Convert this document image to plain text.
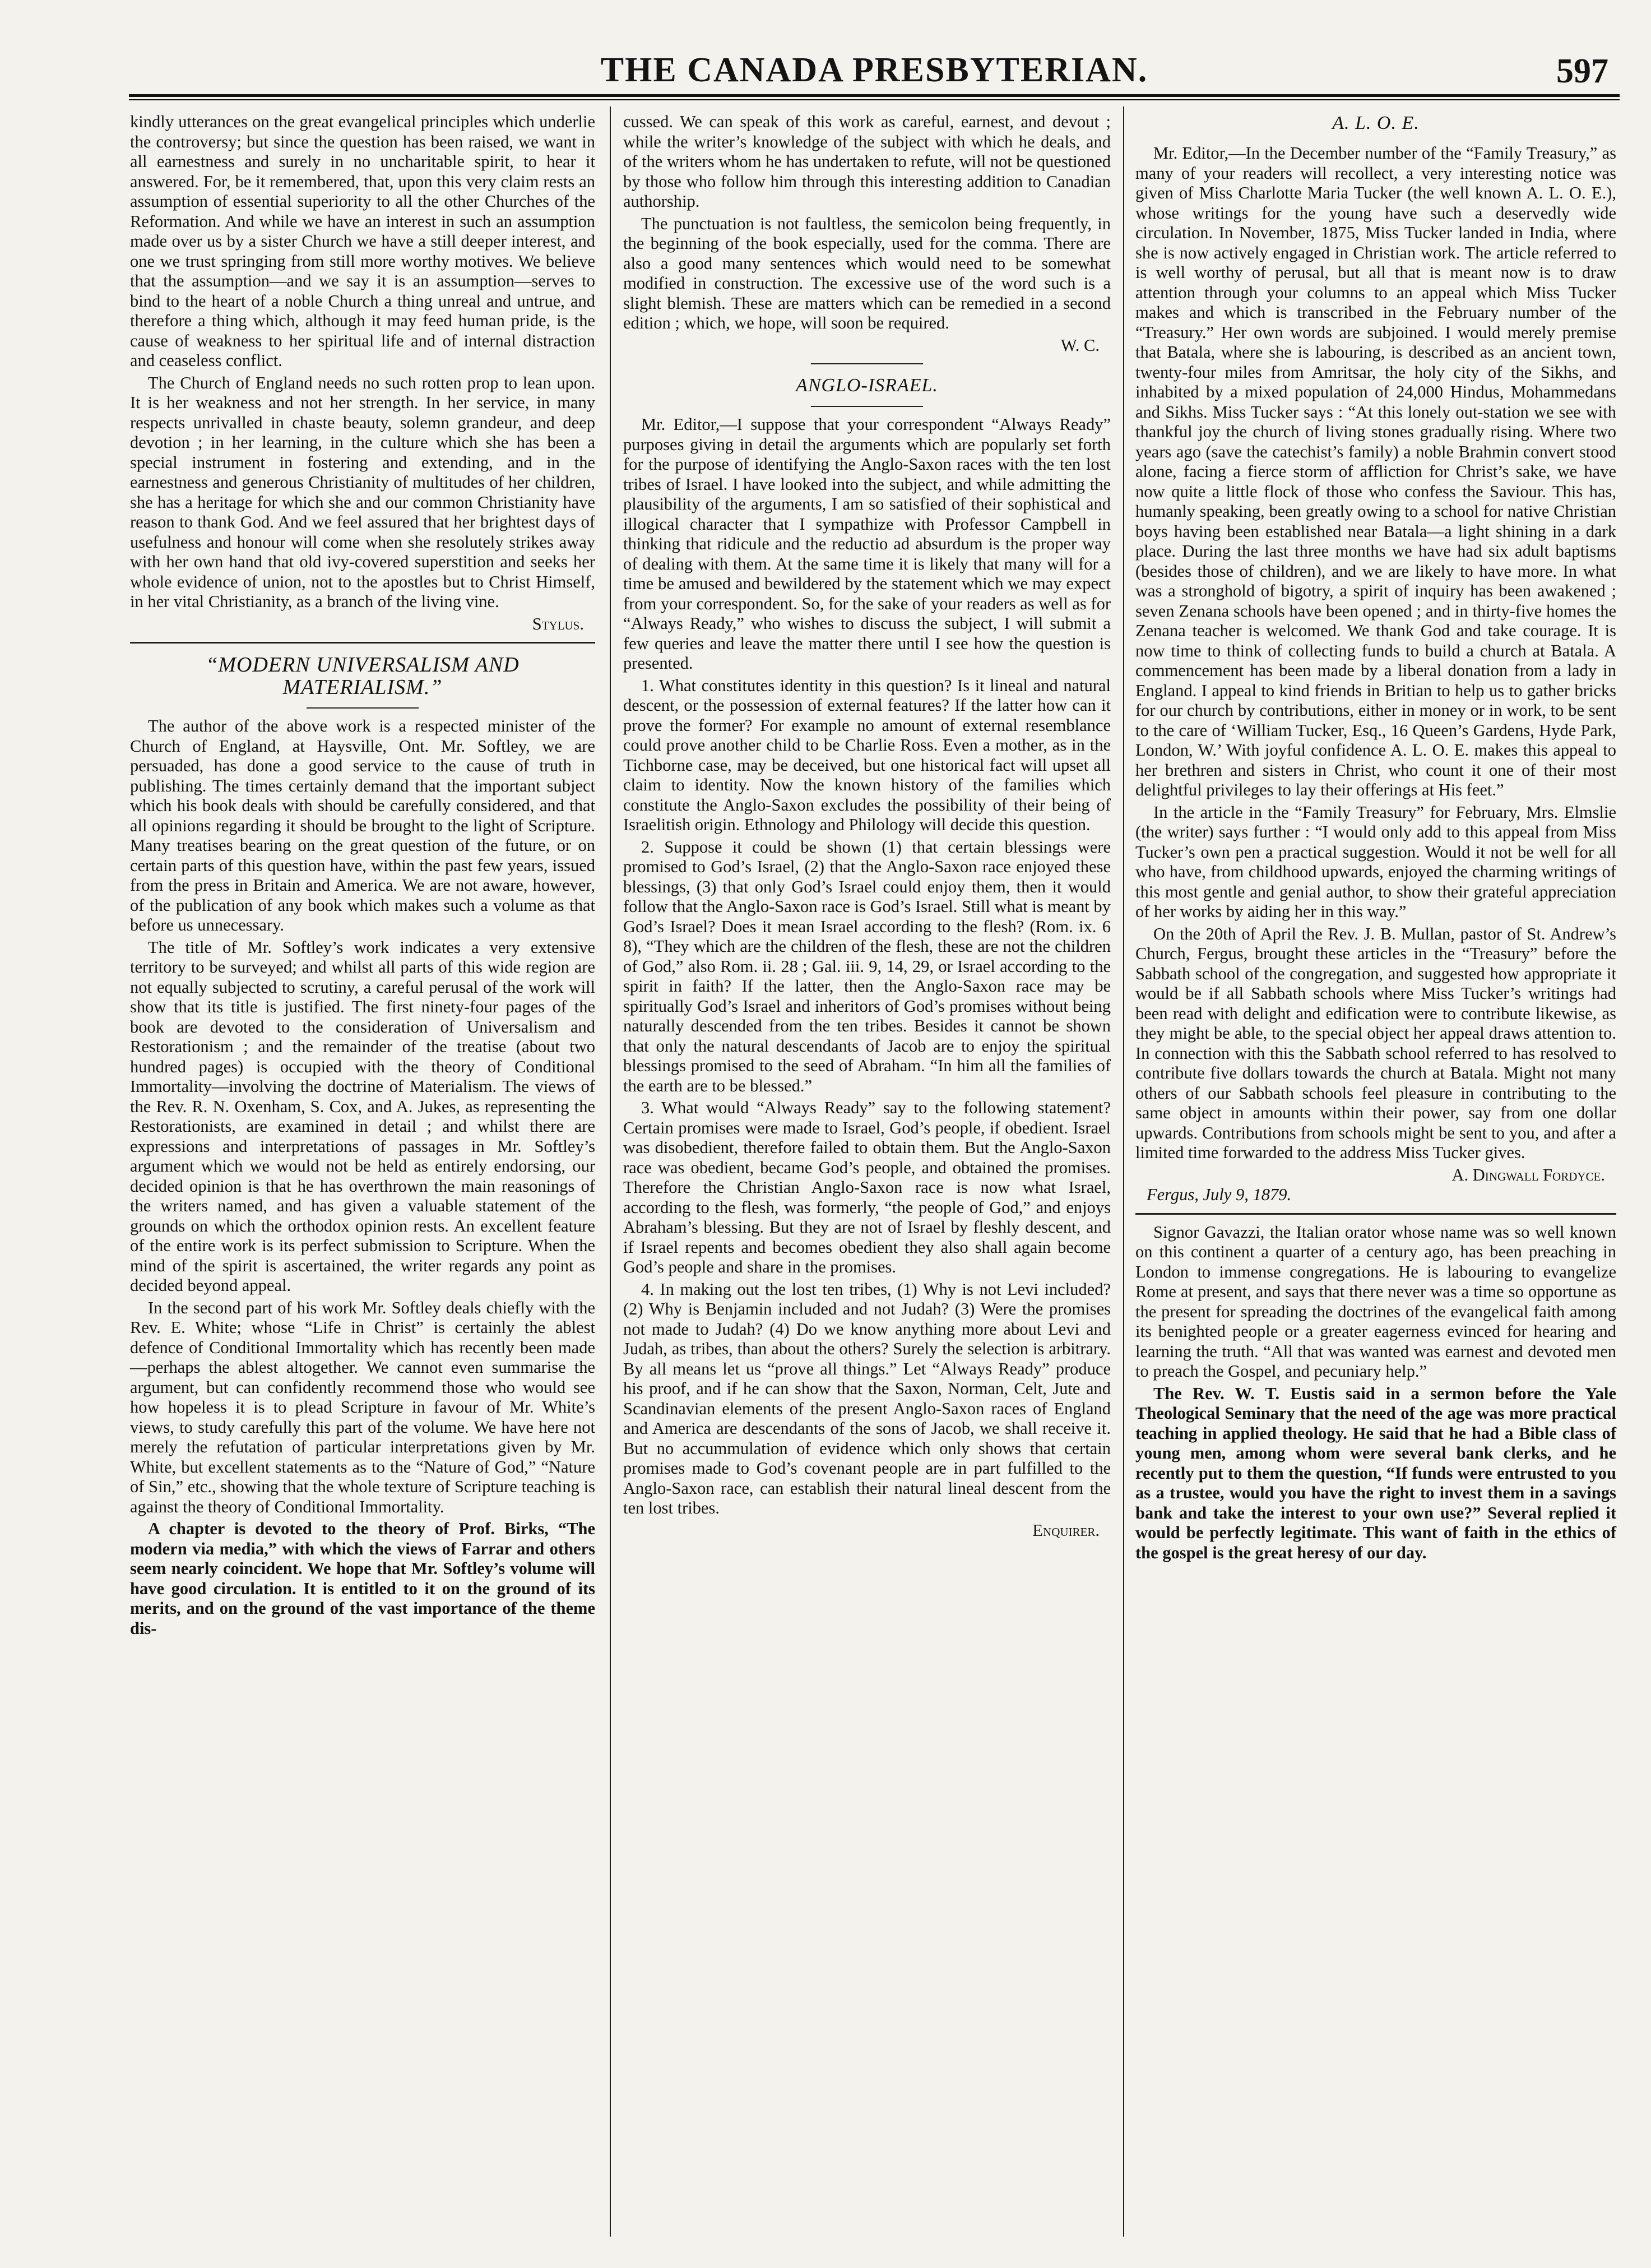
THE CANADA PRESBYTERIAN.	597

kindly utterances on the great evangelical principles which underlie the controversy; but since the question has been raised, we want in all earnestness and surely in no uncharitable spirit, to hear it answered. For, be it remembered, that, upon this very claim rests an assumption of essential superiority to all the other Churches of the Reformation. And while we have an interest in such an assumption made over us by a sister Church we have a still deeper interest, and one we trust springing from still more worthy motives. We believe that the assumption—and we say it is an assumption—serves to bind to the heart of a noble Church a thing unreal and untrue, and therefore a thing which, although it may feed human pride, is the cause of weakness to her spiritual life and of internal distraction and ceaseless conflict.

The Church of England needs no such rotten prop to lean upon. It is her weakness and not her strength. In her service, in many respects unrivalled in chaste beauty, solemn grandeur, and deep devotion ; in her learning, in the culture which she has been a special instrument in fostering and extending, and in the earnestness and generous Christianity of multitudes of her children, she has a heritage for which she and our common Christianity have reason to thank God. And we feel assured that her brightest days of usefulness and honour will come when she resolutely strikes away with her own hand that old ivy-covered superstition and seeks her whole evidence of union, not to the apostles but to Christ Himself, in her vital Christianity, as a branch of the living vine.

Stylus.
“MODERN UNIVERSALISM AND MATERIALISM.”

The author of the above work is a respected minister of the Church of England, at Haysville, Ont. Mr. Softley, we are persuaded, has done a good service to the cause of truth in publishing. The times certainly demand that the important subject which his book deals with should be carefully considered, and that all opinions regarding it should be brought to the light of Scripture. Many treatises bearing on the great question of the future, or on certain parts of this question have, within the past few years, issued from the press in Britain and America. We are not aware, however, of the publication of any book which makes such a volume as that before us unnecessary.

The title of Mr. Softley’s work indicates a very extensive territory to be surveyed; and whilst all parts of this wide region are not equally subjected to scrutiny, a careful perusal of the work will show that its title is justified. The first ninety-four pages of the book are devoted to the consideration of Universalism and Restorationism ; and the remainder of the treatise (about two hundred pages) is occupied with the theory of Conditional Immortality—involving the doctrine of Materialism. The views of the Rev. R. N. Oxenham, S. Cox, and A. Jukes, as representing the Restorationists, are examined in detail ; and whilst there are expressions and interpretations of passages in Mr. Softley’s argument which we would not be held as entirely endorsing, our decided opinion is that he has overthrown the main reasonings of the writers named, and has given a valuable statement of the grounds on which the orthodox opinion rests. An excellent feature of the entire work is its perfect submission to Scripture. When the mind of the spirit is ascertained, the writer regards any point as decided beyond appeal.

In the second part of his work Mr. Softley deals chiefly with the Rev. E. White; whose “Life in Christ” is certainly the ablest defence of Conditional Immortality which has recently been made—perhaps the ablest altogether. We cannot even summarise the argument, but can confidently recommend those who would see how hopeless it is to plead Scripture in favour of Mr. White’s views, to study carefully this part of the volume. We have here not merely the refutation of particular interpretations given by Mr. White, but excellent statements as to the “Nature of God,” “Nature of Sin,” etc., showing that the whole texture of Scripture teaching is against the theory of Conditional Immortality.

A chapter is devoted to the theory of Prof. Birks, “The modern via media,” with which the views of Farrar and others seem nearly coincident. We hope that Mr. Softley’s volume will have good circulation. It is entitled to it on the ground of its merits, and on the ground of the vast importance of the theme dis-

cussed. We can speak of this work as careful, earnest, and devout ; while the writer’s knowledge of the subject with which he deals, and of the writers whom he has undertaken to refute, will not be questioned by those who follow him through this interesting addition to Canadian authorship.

The punctuation is not faultless, the semicolon being frequently, in the beginning of the book especially, used for the comma. There are also a good many sentences which would need to be somewhat modified in construction. The excessive use of the word such is a slight blemish. These are matters which can be remedied in a second edition ; which, we hope, will soon be required.

W. C.
ANGLO-ISRAEL.

Mr. Editor,—I suppose that your correspondent “Always Ready” purposes giving in detail the arguments which are popularly set forth for the purpose of identifying the Anglo-Saxon races with the ten lost tribes of Israel. I have looked into the subject, and while admitting the plausibility of the arguments, I am so satisfied of their sophistical and illogical character that I sympathize with Professor Campbell in thinking that ridicule and the reductio ad absurdum is the proper way of dealing with them. At the same time it is likely that many will for a time be amused and bewildered by the statement which we may expect from your correspondent. So, for the sake of your readers as well as for “Always Ready,” who wishes to discuss the subject, I will submit a few queries and leave the matter there until I see how the question is presented.

1. What constitutes identity in this question? Is it lineal and natural descent, or the possession of external features? If the latter how can it prove the former? For example no amount of external resemblance could prove another child to be Charlie Ross. Even a mother, as in the Tichborne case, may be deceived, but one historical fact will upset all claim to identity. Now the known history of the families which constitute the Anglo-Saxon excludes the possibility of their being of Israelitish origin. Ethnology and Philology will decide this question.

2. Suppose it could be shown (1) that certain blessings were promised to God’s Israel, (2) that the Anglo-Saxon race enjoyed these blessings, (3) that only God’s Israel could enjoy them, then it would follow that the Anglo-Saxon race is God’s Israel. Still what is meant by God’s Israel? Does it mean Israel according to the flesh? (Rom. ix. 6 8), “They which are the children of the flesh, these are not the children of God,” also Rom. ii. 28 ; Gal. iii. 9, 14, 29, or Israel according to the spirit in faith? If the latter, then the Anglo-Saxon race may be spiritually God’s Israel and inheritors of God’s promises without being naturally descended from the ten tribes. Besides it cannot be shown that only the natural descendants of Jacob are to enjoy the spiritual blessings promised to the seed of Abraham. “In him all the families of the earth are to be blessed.”

3. What would “Always Ready” say to the following statement? Certain promises were made to Israel, God’s people, if obedient. Israel was disobedient, therefore failed to obtain them. But the Anglo-Saxon race was obedient, became God’s people, and obtained the promises. Therefore the Christian Anglo-Saxon race is now what Israel, according to the flesh, was formerly, “the people of God,” and enjoys Abraham’s blessing. But they are not of Israel by fleshly descent, and if Israel repents and becomes obedient they also shall again become God’s people and share in the promises.

4. In making out the lost ten tribes, (1) Why is not Levi included? (2) Why is Benjamin included and not Judah? (3) Were the promises not made to Judah? (4) Do we know anything more about Levi and Judah, as tribes, than about the others? Surely the selection is arbitrary. By all means let us “prove all things.” Let “Always Ready” produce his proof, and if he can show that the Saxon, Norman, Celt, Jute and Scandinavian elements of the present Anglo-Saxon races of England and America are descendants of the sons of Jacob, we shall receive it. But no accummulation of evidence which only shows that certain promises made to God’s covenant people are in part fulfilled to the Anglo-Saxon race, can establish their natural lineal descent from the ten lost tribes.

Enquirer.
A. L. O. E.

Mr. Editor,—In the December number of the “Family Treasury,” as many of your readers will recollect, a very interesting notice was given of Miss Charlotte Maria Tucker (the well known A. L. O. E.), whose writings for the young have such a deservedly wide circulation. In November, 1875, Miss Tucker landed in India, where she is now actively engaged in Christian work. The article referred to is well worthy of perusal, but all that is meant now is to draw attention through your columns to an appeal which Miss Tucker makes and which is transcribed in the February number of the “Treasury.” Her own words are subjoined. I would merely premise that Batala, where she is labouring, is described as an ancient town, twenty-four miles from Amritsar, the holy city of the Sikhs, and inhabited by a mixed population of 24,000 Hindus, Mohammedans and Sikhs. Miss Tucker says : “At this lonely out-station we see with thankful joy the church of living stones gradually rising. Where two years ago (save the catechist’s family) a noble Brahmin convert stood alone, facing a fierce storm of affliction for Christ’s sake, we have now quite a little flock of those who confess the Saviour. This has, humanly speaking, been greatly owing to a school for native Christian boys having been established near Batala—a light shining in a dark place. During the last three months we have had six adult baptisms (besides those of children), and we are likely to have more. In what was a stronghold of bigotry, a spirit of inquiry has been awakened ; seven Zenana schools have been opened ; and in thirty-five homes the Zenana teacher is welcomed. We thank God and take courage. It is now time to think of collecting funds to build a church at Batala. A commencement has been made by a liberal donation from a lady in England. I appeal to kind friends in Britian to help us to gather bricks for our church by contributions, either in money or in work, to be sent to the care of ‘William Tucker, Esq., 16 Queen’s Gardens, Hyde Park, London, W.’ With joyful confidence A. L. O. E. makes this appeal to her brethren and sisters in Christ, who count it one of their most delightful privileges to lay their offerings at His feet.”

In the article in the “Family Treasury” for February, Mrs. Elmslie (the writer) says further : “I would only add to this appeal from Miss Tucker’s own pen a practical suggestion. Would it not be well for all who have, from childhood upwards, enjoyed the charming writings of this most gentle and genial author, to show their grateful appreciation of her works by aiding her in this way.”

On the 20th of April the Rev. J. B. Mullan, pastor of St. Andrew’s Church, Fergus, brought these articles in the “Treasury” before the Sabbath school of the congregation, and suggested how appropriate it would be if all Sabbath schools where Miss Tucker’s writings had been read with delight and edification were to contribute likewise, as they might be able, to the special object her appeal draws attention to. In connection with this the Sabbath school referred to has resolved to contribute five dollars towards the church at Batala. Might not many others of our Sabbath schools feel pleasure in contributing to the same object in amounts within their power, say from one dollar upwards. Contributions from schools might be sent to you, and after a limited time forwarded to the address Miss Tucker gives.

A. Dingwall Fordyce.
Fergus, July 9, 1879.

Signor Gavazzi, the Italian orator whose name was so well known on this continent a quarter of a century ago, has been preaching in London to immense congregations. He is labouring to evangelize Rome at present, and says that there never was a time so opportune as the present for spreading the doctrines of the evangelical faith among its benighted people or a greater eagerness evinced for hearing and learning the truth. “All that was wanted was earnest and devoted men to preach the Gospel, and pecuniary help.”

The Rev. W. T. Eustis said in a sermon before the Yale Theological Seminary that the need of the age was more practical teaching in applied theology. He said that he had a Bible class of young men, among whom were several bank clerks, and he recently put to them the question, “If funds were entrusted to you as a trustee, would you have the right to invest them in a savings bank and take the interest to your own use?” Several replied it would be perfectly legitimate. This want of faith in the ethics of the gospel is the great heresy of our day.
